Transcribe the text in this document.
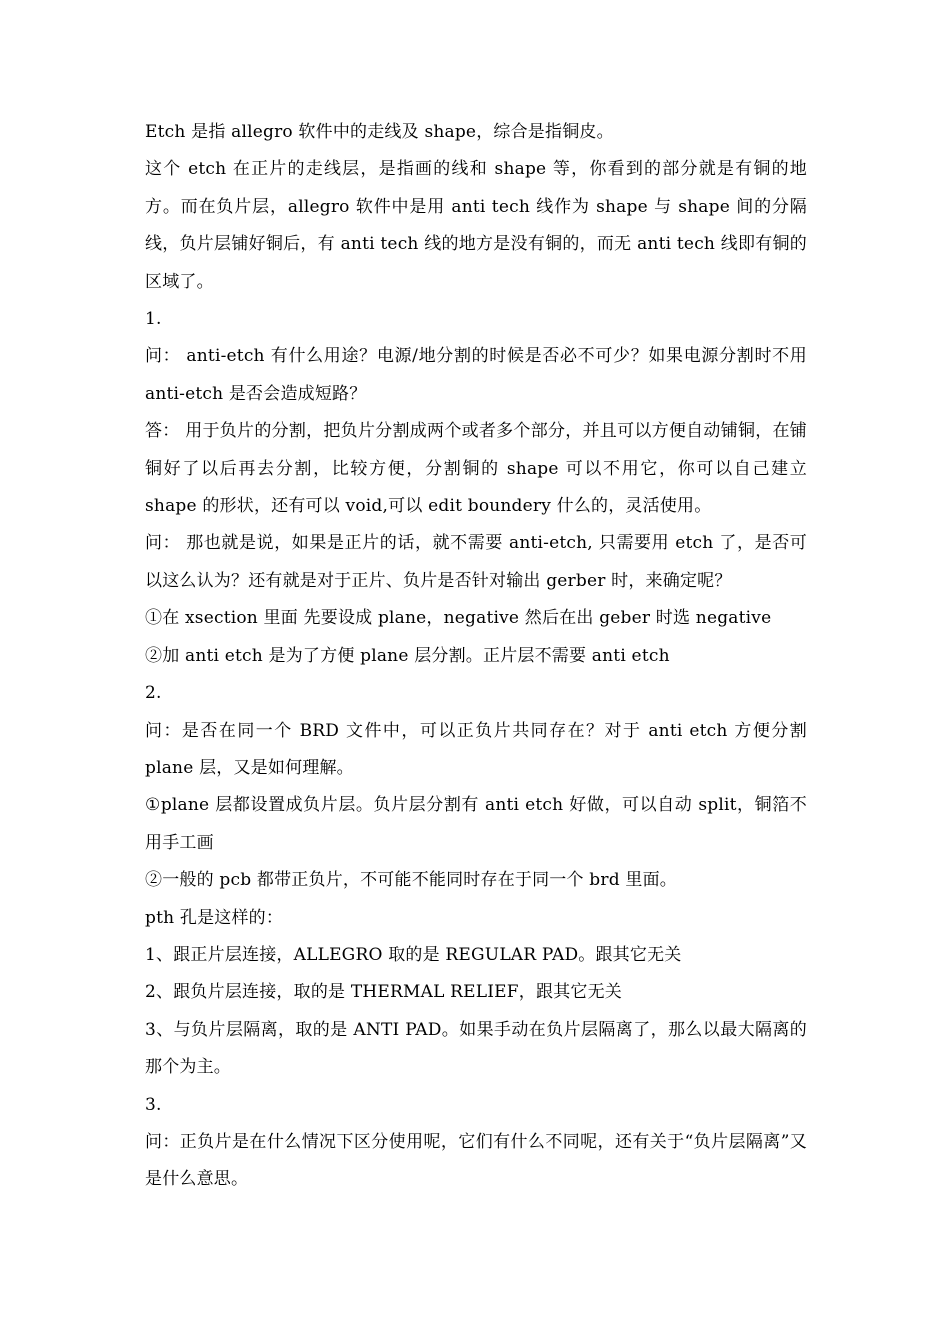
Etch 是指 allegro 软件中的走线及 shape，综合是指铜皮。

这个 etch 在正片的走线层，是指画的线和 shape 等，你看到的部分就是有铜的地方。而在负片层，allegro 软件中是用 anti tech 线作为 shape 与 shape 间的分隔线，负片层铺好铜后，有 anti tech 线的地方是没有铜的，而无 anti tech 线即有铜的区域了。

1.

问： anti-etch 有什么用途？电源/地分割的时候是否必不可少？如果电源分割时不用 anti-etch 是否会造成短路？

答： 用于负片的分割，把负片分割成两个或者多个部分，并且可以方便自动铺铜，在铺铜好了以后再去分割，比较方便，分割铜的 shape 可以不用它，你可以自己建立 shape 的形状，还有可以 void,可以 edit boundery 什么的，灵活使用。

问： 那也就是说，如果是正片的话，就不需要 anti-etch, 只需要用 etch 了，是否可以这么认为？还有就是对于正片、负片是否针对输出 gerber 时，来确定呢？

①在 xsection 里面 先要设成 plane，negative 然后在出 geber 时选 negative

②加 anti etch 是为了方便 plane 层分割。正片层不需要 anti etch

2.

问：是否在同一个 BRD 文件中，可以正负片共同存在？对于 anti etch 方便分割 plane 层，又是如何理解。

①plane 层都设置成负片层。负片层分割有 anti etch 好做，可以自动 split，铜箔不用手工画

②一般的 pcb 都带正负片，不可能不能同时存在于同一个 brd 里面。

pth 孔是这样的：

1、跟正片层连接，ALLEGRO 取的是 REGULAR PAD。跟其它无关

2、跟负片层连接，取的是 THERMAL RELIEF，跟其它无关

3、与负片层隔离，取的是 ANTI PAD。如果手动在负片层隔离了，那么以最大隔离的那个为主。

3.

问：正负片是在什么情况下区分使用呢，它们有什么不同呢，还有关于“负片层隔离”又是什么意思。
